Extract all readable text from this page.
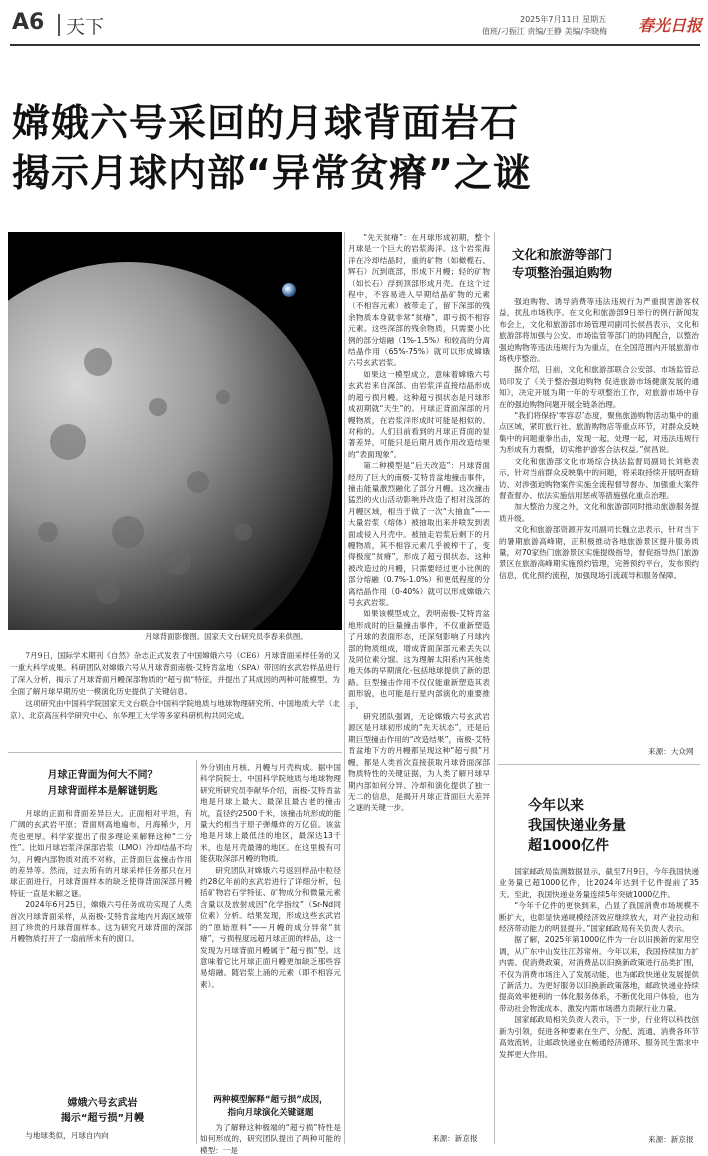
A6 天下	2025年7月11日 星期五
值班/刁振江 责编/王静 美编/李晓梅 春光日报
嫦娥六号采回的月球背面岩石
揭示月球内部“异常贫瘠”之谜
月球背面影像图。国家天文台研究员李春来供图。

7月9日，国际学术期刊《自然》杂志正式发表了中国嫦娥六号（CE6）月球背面采样任务的又一重大科学成果。科研团队对嫦娥六号从月球背面南极-艾特肯盆地（SPA）带回的玄武岩样品进行了深入分析，揭示了月球背面月幔深部物质的“超亏损”特征，并提出了其成因的两种可能模型，为全面了解月球早期历史一模演化历史提供了关键信息。

这项研究由中国科学院国家天文台联合中国科学院地质与地球物理研究所、中国地质大学（北京）、北京高压科学研究中心、东华理工大学等多家科研机构共同完成。

月球正背面为何大不同？
月球背面样本是解谜钥匙

月球的正面和背面差异巨大。正面相对平坦，有广阔的玄武岩平原；背面则高地遍布，月海稀少，月壳也更厚。科学家提出了很多理论来解释这种“二分性”。比如月球岩浆洋深部岩浆（LMO）冷却结晶不均匀，月幔内部物质对流不对称，正背面巨盆撞击作用的差异等。然而，过去所有的月球采样任务都只在月球正面进行，月球背面样本的缺乏使得背面深部月幔特征一直是未解之谜。

2024年6月25日，嫦娥六号任务成功实现了人类首次月球背面采样，从南极-艾特肯盆地内月海区域带回了珍贵的月球背面样本。这为研究月球背面的深部月幔物质打开了一扇前所未有的窗口。

嫦娥六号玄武岩
揭示“超亏损”月幔

与地球类似，月球自内向

外分别由月核、月幔与月壳构成。据中国科学院院士、中国科学院地质与地球物理研究所研究员李献华介绍，南极-艾特肯盆地是月球上最大、最深且最古老的撞击坑，直径约2500千米，该撞击坑形成的能量大约相当于原子弹爆炸的万亿倍。该盆地是月球上最低洼的地区，最深达13千米，也是月壳最薄的地区。在这里极有可能获取深部月幔的物质。

研究团队对嫦娥六号返回样品中粒径约28亿年前的玄武岩进行了详细分析，包括矿物岩石学特征、矿物成分和微量元素含量以及放射成因“化学指纹”（Sr-Nd同位素）分析。结果发现，形成这些玄武岩的“原始原料”——月幔的成分异常“贫瘠”，亏损程度远超月球正面的样品，这一发现为月球背面月幔属于“超亏损”型。这意味着它比月球正面月幔更加缺乏那些容易熔融、随岩浆上涌的元素（即不相容元素）。

两种模型解释“超亏损”成因，
指向月球演化关键谜题

为了解释这种极端的“超亏损”特性是如何形成的，研究团队提出了两种可能的模型：一是

“先天贫瘠”：在月球形成初期，整个月球是一个巨大的岩浆海洋。这个岩浆海洋在冷却结晶时，重的矿物（如橄榄石、辉石）沉到底部，形成下月幔；轻的矿物（如长石）浮到顶部形成月壳。在这个过程中，不容易进入早期结晶矿物的元素（不相容元素）被带走了，留下深部的残余物质本身就非常“贫瘠”，即亏损不相容元素。这些深部的残余物质，只需要小比例的部分熔融（1%-1.5%）和较高的分离结晶作用（65%-75%）就可以形成嫦娥六号玄武岩浆。

如果这一模型成立，意味着嫦娥六号玄武岩来自深部、由岩浆洋直接结晶形成的超亏损月幔。这种超亏损状态是月球形成初期就“天生”的。月球正背面深部的月幔物质，在岩浆洋形成时可能是相似的、对称的。人们目前看到的月球正背面的显著差异，可能只是后期月质作用改造结果的“表面现象”。

第二种模型是“后天改造”：月球背面经历了巨大的南极-艾特肯盆地撞击事件，撞击能量激烈融化了部分月幔。这次撞击猛烈的火山活动影响并改造了相对浅部的月幔区域，相当于做了一次“大抽血”——大量岩浆（熔体）被抽取出来并喷发到表面或侵入月壳中。被抽走岩浆后剩下的月幔物质，其不相容元素几乎被榨干了，变得极度“贫瘠”，形成了超亏损状态。这种被改造过的月幔，只需要经过更小比例的部分熔融（0.7%-1.0%）和更低程度的分离结晶作用（0-40%）就可以形成嫦娥六号玄武岩浆。

如果该模型成立，表明南极-艾特肯盆地形成时的巨量撞击事件，不仅重新塑造了月球的表面形态，还深刻影响了月球内部的物质组成，增成背面深部元素丢失以及同位素分馏。这为理解太阳系内其他类地天体的早期演化-包括地球提供了新的思路。巨型撞击作用不仅仅能重新塑造其表面形貌，也可能是行星内部演化的重要推手。

研究团队强调，无论嫦娥六号玄武岩源区是月球初形成的“先天状态”，还是后期巨型撞击作用的“改造结果”，南极-艾特肯盆地下方的月幔都呈现这种“超亏损”月幔，都是人类首次直接获取月球背面深部物质特性的关键证据，为人类了解月球早期内部如何分异、冷却和演化提供了独一无二的信息，是揭开月球正背面巨大差异之谜的关键一步。

来源：新京报
文化和旅游等部门
专项整治强迫购物

强迫购物、诱导消费等违法违规行为严重损害游客权益，扰乱市场秩序。在文化和旅游部9日举行的例行新闻发布会上，文化和旅游部市场管理司副司长侯昌表示，文化和旅游部将加强与公安、市场监管等部门的协同配合，以整治强迫购物等违法违规行为为重点，在全国范围内开展旅游市场秩序整治。

据介绍，日前，文化和旅游部联合公安部、市场监管总局印发了《关于整治强迫购物 促进旅游市场健康发展的通知》，决定开展为期一年的专项整治工作，对旅游市场中存在的强迫购物问题开展全链条治理。

“我们将保持‘零容忍’态度，聚焦旅游购物活动集中的重点区域，紧盯旅行社、旅游购物店等重点环节，对群众反映集中的问题重拳出击，发现一起，处理一起，对违法违规行为形成有力震慑，切实维护游客合法权益。”侯昌说。

文化和旅游部文化市场综合执法监督局副局长刘艳表示，针对当前群众反映集中的问题，将采取持续开展明查暗访、对涉强迫购物案件实施全流程督导督办、加强重大案件督查督办、依法实施信用惩戒等措施强化重点治理。

加大整治力度之外，文化和旅游部同时推动旅游服务提质升级。

文化和旅游部资源开发司副司长魏立忠表示，针对当下的暑期旅游高峰期，正积极推动各地旅游景区提升服务质量，对70家热门旅游景区实施提级指导，督促指导热门旅游景区在旅游高峰期实施预约管理，完善预约平台，发布预约信息，优化预约流程，加强现场引流疏导和服务保障。

来源：大众网
今年以来
我国快递业务量
超1000亿件

国家邮政局监测数据显示，截至7月9日，今年我国快递业务量已超1000亿件，比2024年达到千亿件提前了35天。至此，我国快递业务量连续5年突破1000亿件。

“今年千亿件的更快到来，凸显了我国消费市场规模不断扩大，也彰显快递规模经济效应继续放大，对产业拉动和经济带动能力的明显提升。”国家邮政局有关负责人表示。

据了解，2025年第1000亿件为一台以旧换新的家用空调，从广东中山发往江苏常州。今年以来，我国持续加力扩内需、促消费政策，对消费品以旧换新政策进行品类扩围，不仅为消费市场注入了发展动能，也为邮政快递业发展提供了新活力。为更好服务以旧换新政策落地，邮政快递业持续提高效率便利的一体化服务体系，不断优化用户体验，也为带动社会物流成本、激发内需市场潜力贡献行业力量。

国家邮政局相关负责人表示，下一步，行业将以科技创新为引领，促进各种要素在生产、分配、流通、消费各环节高效流转，让邮政快递业在畅通经济循环、服务民生需求中发挥更大作用。

来源：新京报
